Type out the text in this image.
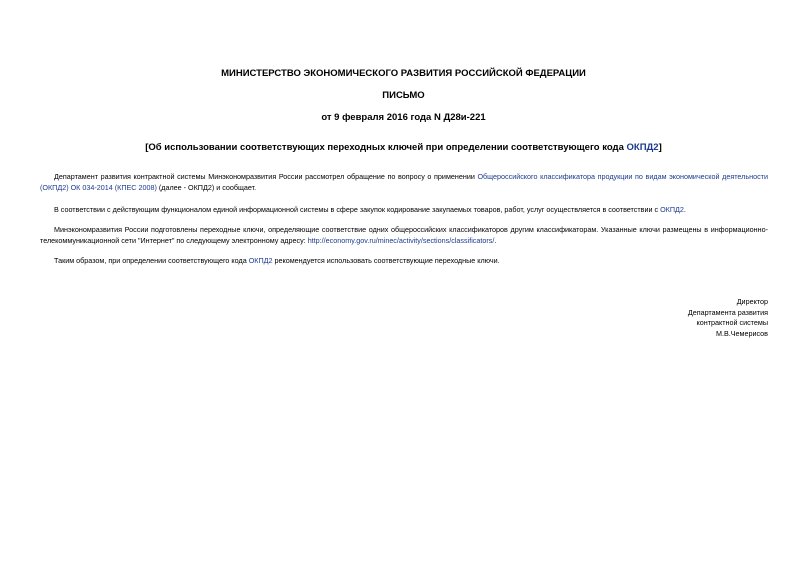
МИНИСТЕРСТВО ЭКОНОМИЧЕСКОГО РАЗВИТИЯ РОССИЙСКОЙ ФЕДЕРАЦИИ
ПИСЬМО
от 9 февраля 2016 года N Д28и-221
[Об использовании соответствующих переходных ключей при определении соответствующего кода ОКПД2]
Департамент развития контрактной системы Минэкономразвития России рассмотрел обращение по вопросу о применении Общероссийского классификатора продукции по видам экономической деятельности (ОКПД2) ОК 034-2014 (КПЕС 2008) (далее - ОКПД2) и сообщает.
В соответствии с действующим функционалом единой информационной системы в сфере закупок кодирование закупаемых товаров, работ, услуг осуществляется в соответствии с ОКПД2.
Минэкономразвития России подготовлены переходные ключи, определяющие соответствие одних общероссийских классификаторов другим классификаторам. Указанные ключи размещены в информационно-телекоммуникационной сети "Интернет" по следующему электронному адресу: http://economy.gov.ru/minec/activity/sections/classificators/.
Таким образом, при определении соответствующего кода ОКПД2 рекомендуется использовать соответствующие переходные ключи.
Директор
Департамента развития
контрактной системы
М.В.Чемерисов
